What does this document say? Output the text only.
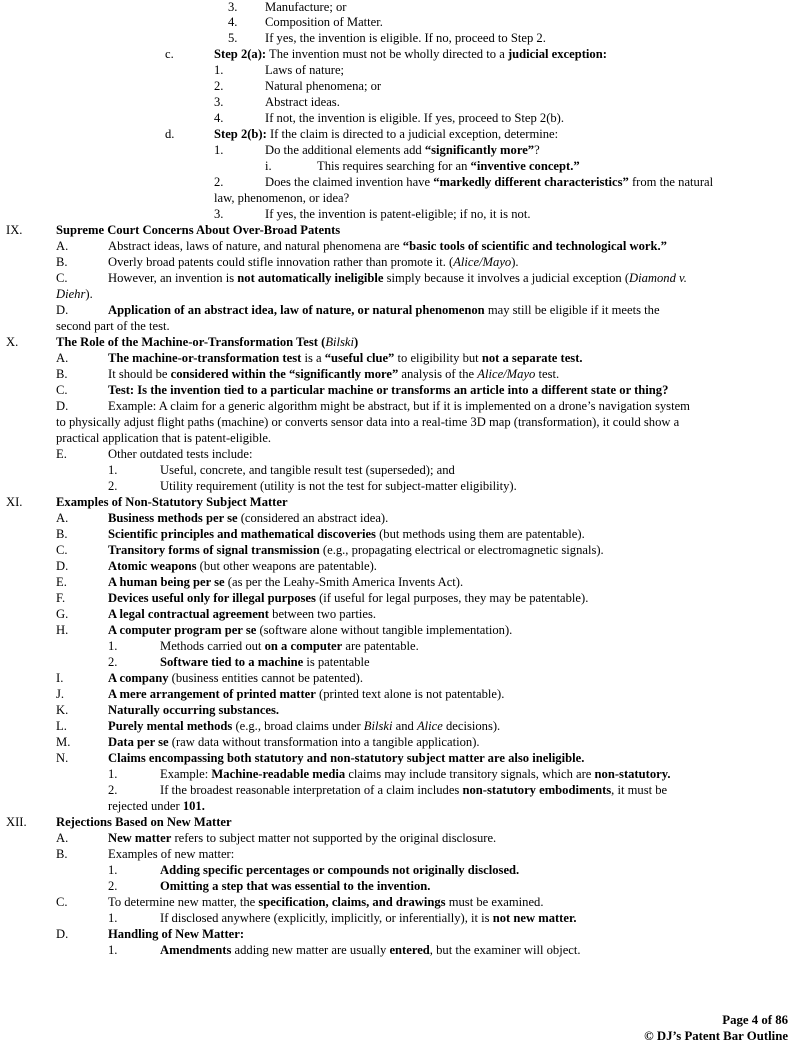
3. Manufacture; or
4. Composition of Matter.
5. If yes, the invention is eligible. If no, proceed to Step 2.
c.	Step 2(a): The invention must not be wholly directed to a judicial exception:
1.	Laws of nature;
2.	Natural phenomena; or
3.	Abstract ideas.
4.	If not, the invention is eligible. If yes, proceed to Step 2(b).
d.	Step 2(b): If the claim is directed to a judicial exception, determine:
1.	Do the additional elements add “significantly more”?
i.	This requires searching for an “inventive concept.”
2.	Does the claimed invention have “markedly different characteristics” from the natural
law, phenomenon, or idea?
3.	If yes, the invention is patent-eligible; if no, it is not.
IX.	Supreme Court Concerns About Over-Broad Patents
A.	Abstract ideas, laws of nature, and natural phenomena are “basic tools of scientific and technological work.”
B.	Overly broad patents could stifle innovation rather than promote it. (Alice/Mayo).
C.	However, an invention is not automatically ineligible simply because it involves a judicial exception (Diamond v.
Diehr).
D.	Application of an abstract idea, law of nature, or natural phenomenon may still be eligible if it meets the
second part of the test.
X.	The Role of the Machine-or-Transformation Test (Bilski)
A.	The machine-or-transformation test is a “useful clue” to eligibility but not a separate test.
B.	It should be considered within the “significantly more” analysis of the Alice/Mayo test.
C.	Test: Is the invention tied to a particular machine or transforms an article into a different state or thing?
D.	Example: A claim for a generic algorithm might be abstract, but if it is implemented on a drone’s navigation system
to physically adjust flight paths (machine) or converts sensor data into a real-time 3D map (transformation), it could show a
practical application that is patent-eligible.
E.	Other outdated tests include:
1.	Useful, concrete, and tangible result test (superseded); and
2.	Utility requirement (utility is not the test for subject-matter eligibility).
XI.	Examples of Non-Statutory Subject Matter
A.	Business methods per se (considered an abstract idea).
B.	Scientific principles and mathematical discoveries (but methods using them are patentable).
C.	Transitory forms of signal transmission (e.g., propagating electrical or electromagnetic signals).
D.	Atomic weapons (but other weapons are patentable).
E.	A human being per se (as per the Leahy-Smith America Invents Act).
F.	Devices useful only for illegal purposes (if useful for legal purposes, they may be patentable).
G.	A legal contractual agreement between two parties.
H.	A computer program per se (software alone without tangible implementation).
1.	Methods carried out on a computer are patentable.
2.	Software tied to a machine is patentable
I.	A company (business entities cannot be patented).
J.	A mere arrangement of printed matter (printed text alone is not patentable).
K.	Naturally occurring substances.
L.	Purely mental methods (e.g., broad claims under Bilski and Alice decisions).
M.	Data per se (raw data without transformation into a tangible application).
N.	Claims encompassing both statutory and non-statutory subject matter are also ineligible.
1.	Example: Machine-readable media claims may include transitory signals, which are non-statutory.
2.	If the broadest reasonable interpretation of a claim includes non-statutory embodiments, it must be
rejected under 101.
XII. Rejections Based on New Matter
A.	New matter refers to subject matter not supported by the original disclosure.
B.	Examples of new matter:
1.	Adding specific percentages or compounds not originally disclosed.
2.	Omitting a step that was essential to the invention.
C.	To determine new matter, the specification, claims, and drawings must be examined.
1.	If disclosed anywhere (explicitly, implicitly, or inferentially), it is not new matter.
D.	Handling of New Matter:
1.	Amendments adding new matter are usually entered, but the examiner will object.
Page 4 of 86
© DJ’s Patent Bar Outline
